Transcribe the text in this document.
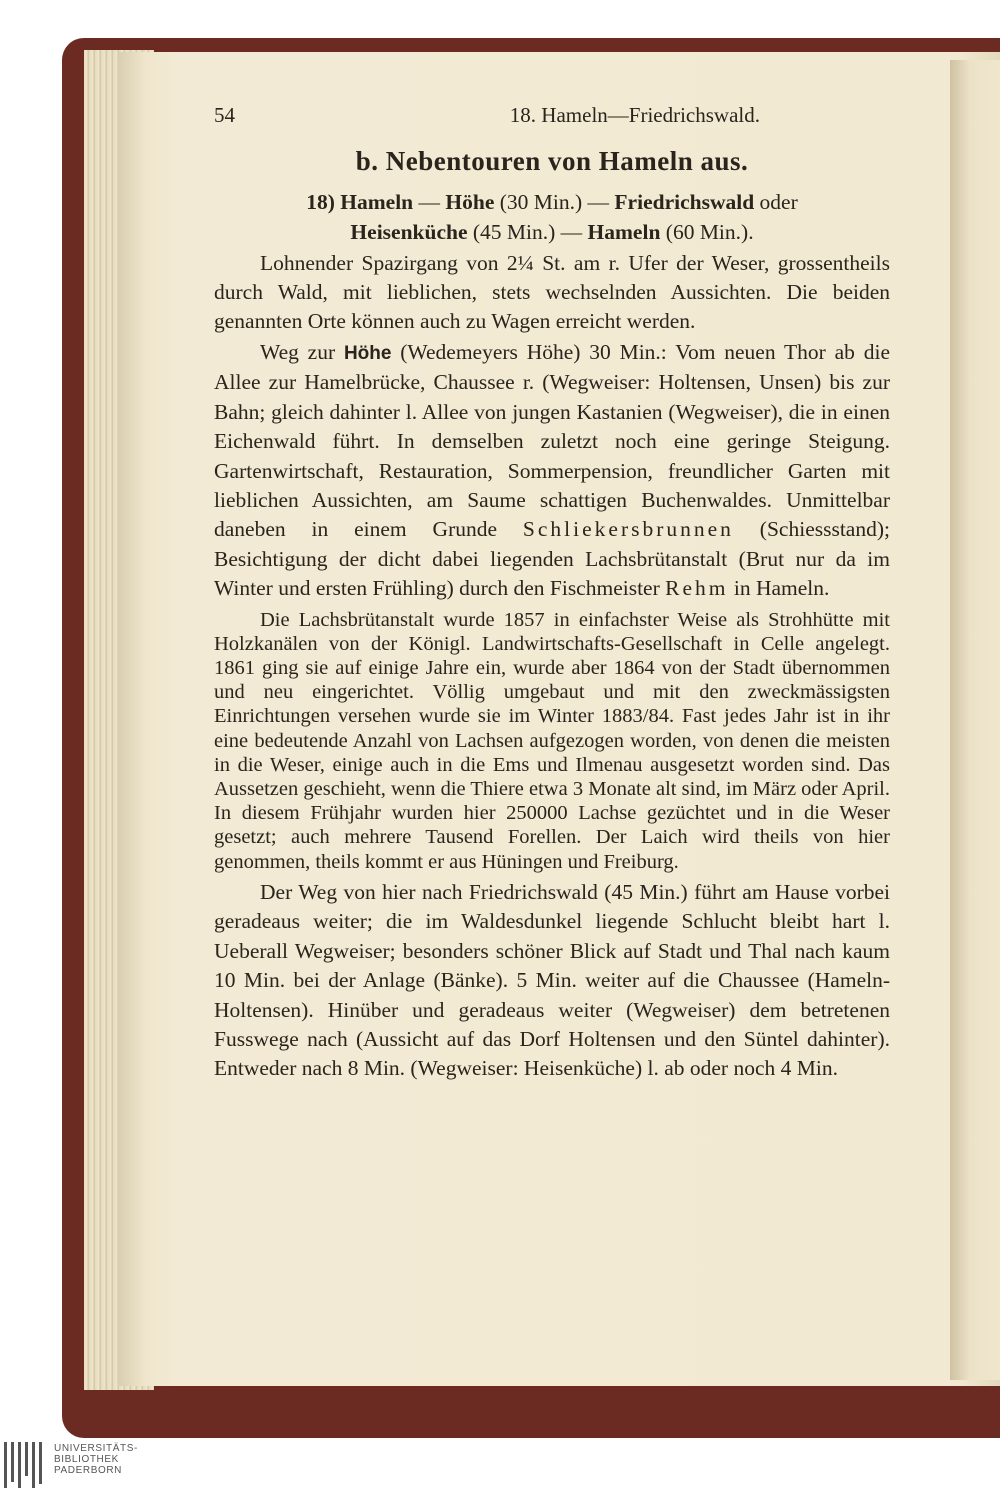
54	18. Hameln—Friedrichswald.
b. Nebentouren von Hameln aus.
18) Hameln — Höhe (30 Min.) — Friedrichswald oder
Heisenküche (45 Min.) — Hameln (60 Min.).

Lohnender Spazirgang von 2¼ St. am r. Ufer der Weser, grossentheils durch Wald, mit lieblichen, stets wechselnden Aussichten. Die beiden genannten Orte können auch zu Wagen erreicht werden.

Weg zur Höhe (Wedemeyers Höhe) 30 Min.: Vom neuen Thor ab die Allee zur Hamelbrücke, Chaussee r. (Wegweiser: Holtensen, Unsen) bis zur Bahn; gleich dahinter l. Allee von jungen Kastanien (Wegweiser), die in einen Eichenwald führt. In demselben zuletzt noch eine geringe Steigung. Gartenwirtschaft, Restauration, Sommerpension, freundlicher Garten mit lieblichen Aussichten, am Saume schattigen Buchenwaldes. Unmittelbar daneben in einem Grunde Schliekersbrunnen (Schiessstand); Besichtigung der dicht dabei liegenden Lachsbrütanstalt (Brut nur da im Winter und ersten Frühling) durch den Fischmeister Rehm in Hameln.

Die Lachsbrütanstalt wurde 1857 in einfachster Weise als Strohhütte mit Holzkanälen von der Königl. Landwirtschafts-Gesellschaft in Celle angelegt. 1861 ging sie auf einige Jahre ein, wurde aber 1864 von der Stadt übernommen und neu eingerichtet. Völlig umgebaut und mit den zweckmässigsten Einrichtungen versehen wurde sie im Winter 1883/84. Fast jedes Jahr ist in ihr eine bedeutende Anzahl von Lachsen aufgezogen worden, von denen die meisten in die Weser, einige auch in die Ems und Ilmenau ausgesetzt worden sind. Das Aussetzen geschieht, wenn die Thiere etwa 3 Monate alt sind, im März oder April. In diesem Frühjahr wurden hier 250000 Lachse gezüchtet und in die Weser gesetzt; auch mehrere Tausend Forellen. Der Laich wird theils von hier genommen, theils kommt er aus Hüningen und Freiburg.

Der Weg von hier nach Friedrichswald (45 Min.) führt am Hause vorbei geradeaus weiter; die im Waldesdunkel liegende Schlucht bleibt hart l. Ueberall Wegweiser; besonders schöner Blick auf Stadt und Thal nach kaum 10 Min. bei der Anlage (Bänke). 5 Min. weiter auf die Chaussee (Hameln-Holtensen). Hinüber und geradeaus weiter (Wegweiser) dem betretenen Fusswege nach (Aussicht auf das Dorf Holtensen und den Süntel dahinter). Entweder nach 8 Min. (Wegweiser: Heisenküche) l. ab oder noch 4 Min.

UNIVERSITÄTS-
BIBLIOTHEK
PADERBORN
